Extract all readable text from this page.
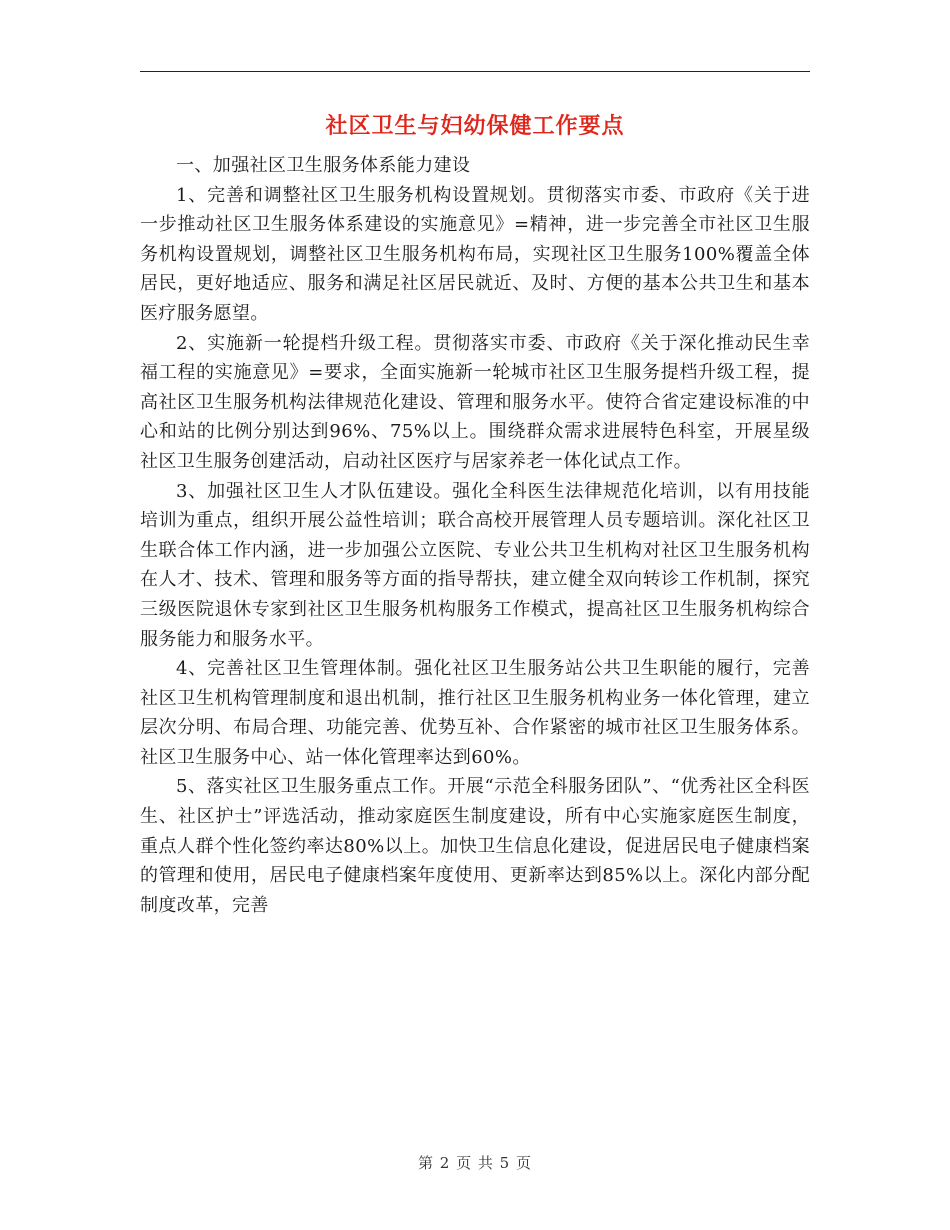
社区卫生与妇幼保健工作要点

一、加强社区卫生服务体系能力建设

1、完善和调整社区卫生服务机构设置规划。贯彻落实市委、市政府《关于进一步推动社区卫生服务体系建设的实施意见》=精神，进一步完善全市社区卫生服务机构设置规划，调整社区卫生服务机构布局，实现社区卫生服务100%覆盖全体居民，更好地适应、服务和满足社区居民就近、及时、方便的基本公共卫生和基本医疗服务愿望。

2、实施新一轮提档升级工程。贯彻落实市委、市政府《关于深化推动民生幸福工程的实施意见》=要求，全面实施新一轮城市社区卫生服务提档升级工程，提高社区卫生服务机构法律规范化建设、管理和服务水平。使符合省定建设标准的中心和站的比例分别达到96%、75%以上。围绕群众需求进展特色科室，开展星级社区卫生服务创建活动，启动社区医疗与居家养老一体化试点工作。

3、加强社区卫生人才队伍建设。强化全科医生法律规范化培训，以有用技能培训为重点，组织开展公益性培训；联合高校开展管理人员专题培训。深化社区卫生联合体工作内涵，进一步加强公立医院、专业公共卫生机构对社区卫生服务机构在人才、技术、管理和服务等方面的指导帮扶，建立健全双向转诊工作机制，探究三级医院退休专家到社区卫生服务机构服务工作模式，提高社区卫生服务机构综合服务能力和服务水平。

4、完善社区卫生管理体制。强化社区卫生服务站公共卫生职能的履行，完善社区卫生机构管理制度和退出机制，推行社区卫生服务机构业务一体化管理，建立层次分明、布局合理、功能完善、优势互补、合作紧密的城市社区卫生服务体系。社区卫生服务中心、站一体化管理率达到60%。

5、落实社区卫生服务重点工作。开展“示范全科服务团队”、“优秀社区全科医生、社区护士”评选活动，推动家庭医生制度建设，所有中心实施家庭医生制度，重点人群个性化签约率达80%以上。加快卫生信息化建设，促进居民电子健康档案的管理和使用，居民电子健康档案年度使用、更新率达到85%以上。深化内部分配制度改革，完善

第 2 页 共 5 页
